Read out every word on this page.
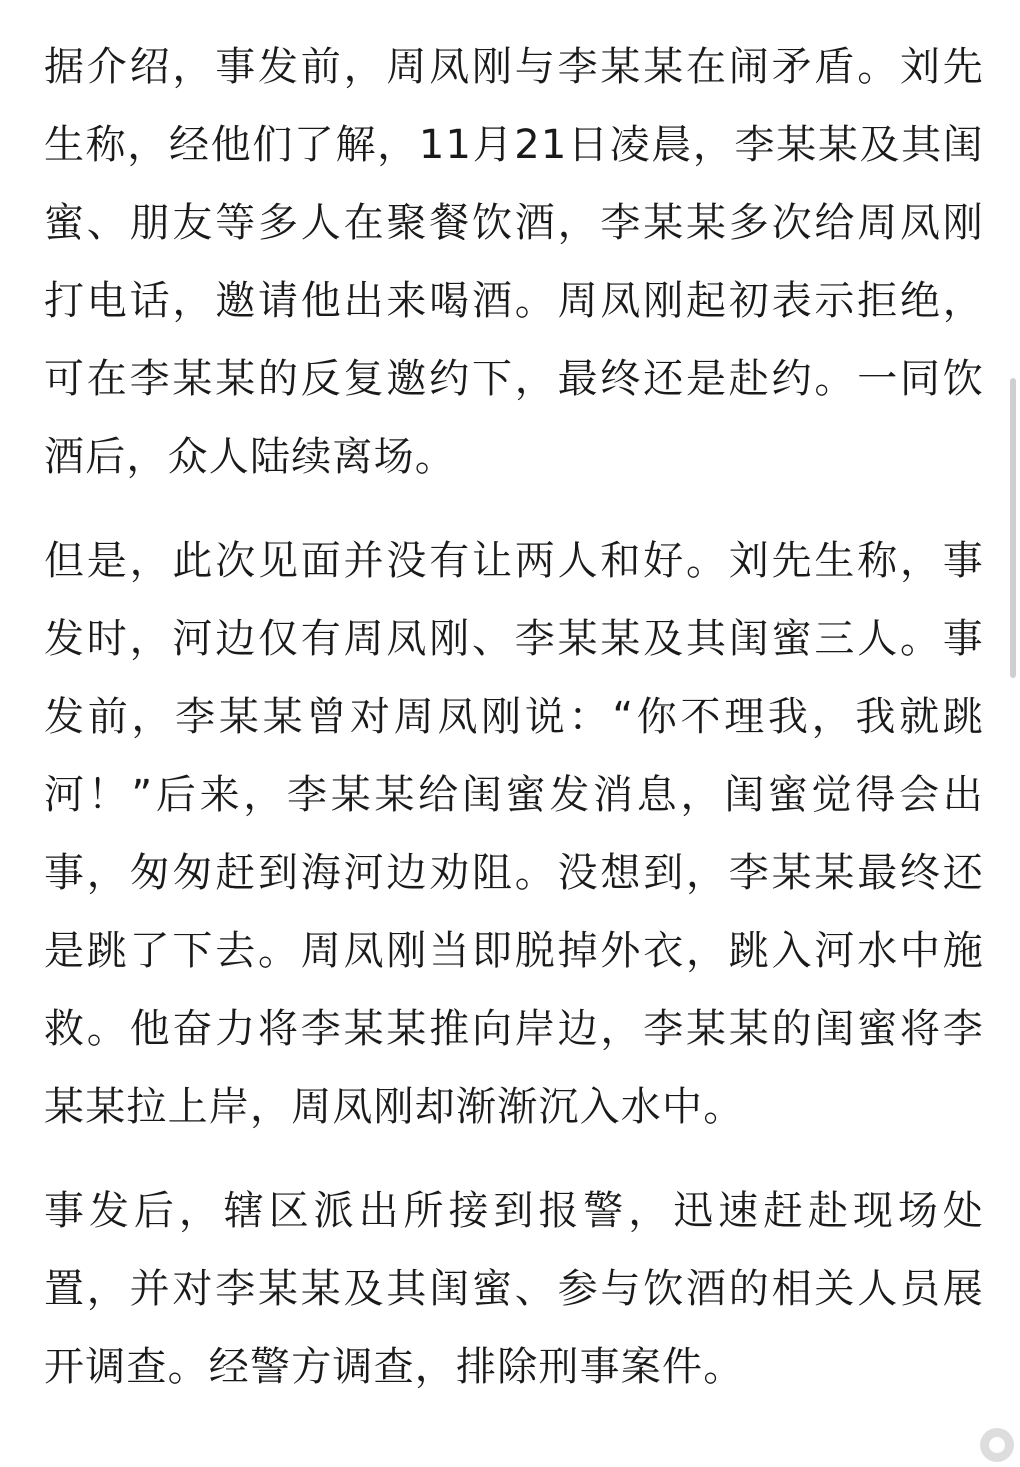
据介绍，事发前，周凤刚与李某某在闹矛盾。刘先生称，经他们了解，11月21日凌晨，李某某及其闺蜜、朋友等多人在聚餐饮酒，李某某多次给周凤刚打电话，邀请他出来喝酒。周凤刚起初表示拒绝，可在李某某的反复邀约下，最终还是赴约。一同饮酒后，众人陆续离场。

但是，此次见面并没有让两人和好。刘先生称，事发时，河边仅有周凤刚、李某某及其闺蜜三人。事发前，李某某曾对周凤刚说：“你不理我，我就跳河！”后来，李某某给闺蜜发消息，闺蜜觉得会出事，匆匆赶到海河边劝阻。没想到，李某某最终还是跳了下去。周凤刚当即脱掉外衣，跳入河水中施救。他奋力将李某某推向岸边，李某某的闺蜜将李某某拉上岸，周凤刚却渐渐沉入水中。

事发后，辖区派出所接到报警，迅速赶赴现场处置，并对李某某及其闺蜜、参与饮酒的相关人员展开调查。经警方调查，排除刑事案件。
